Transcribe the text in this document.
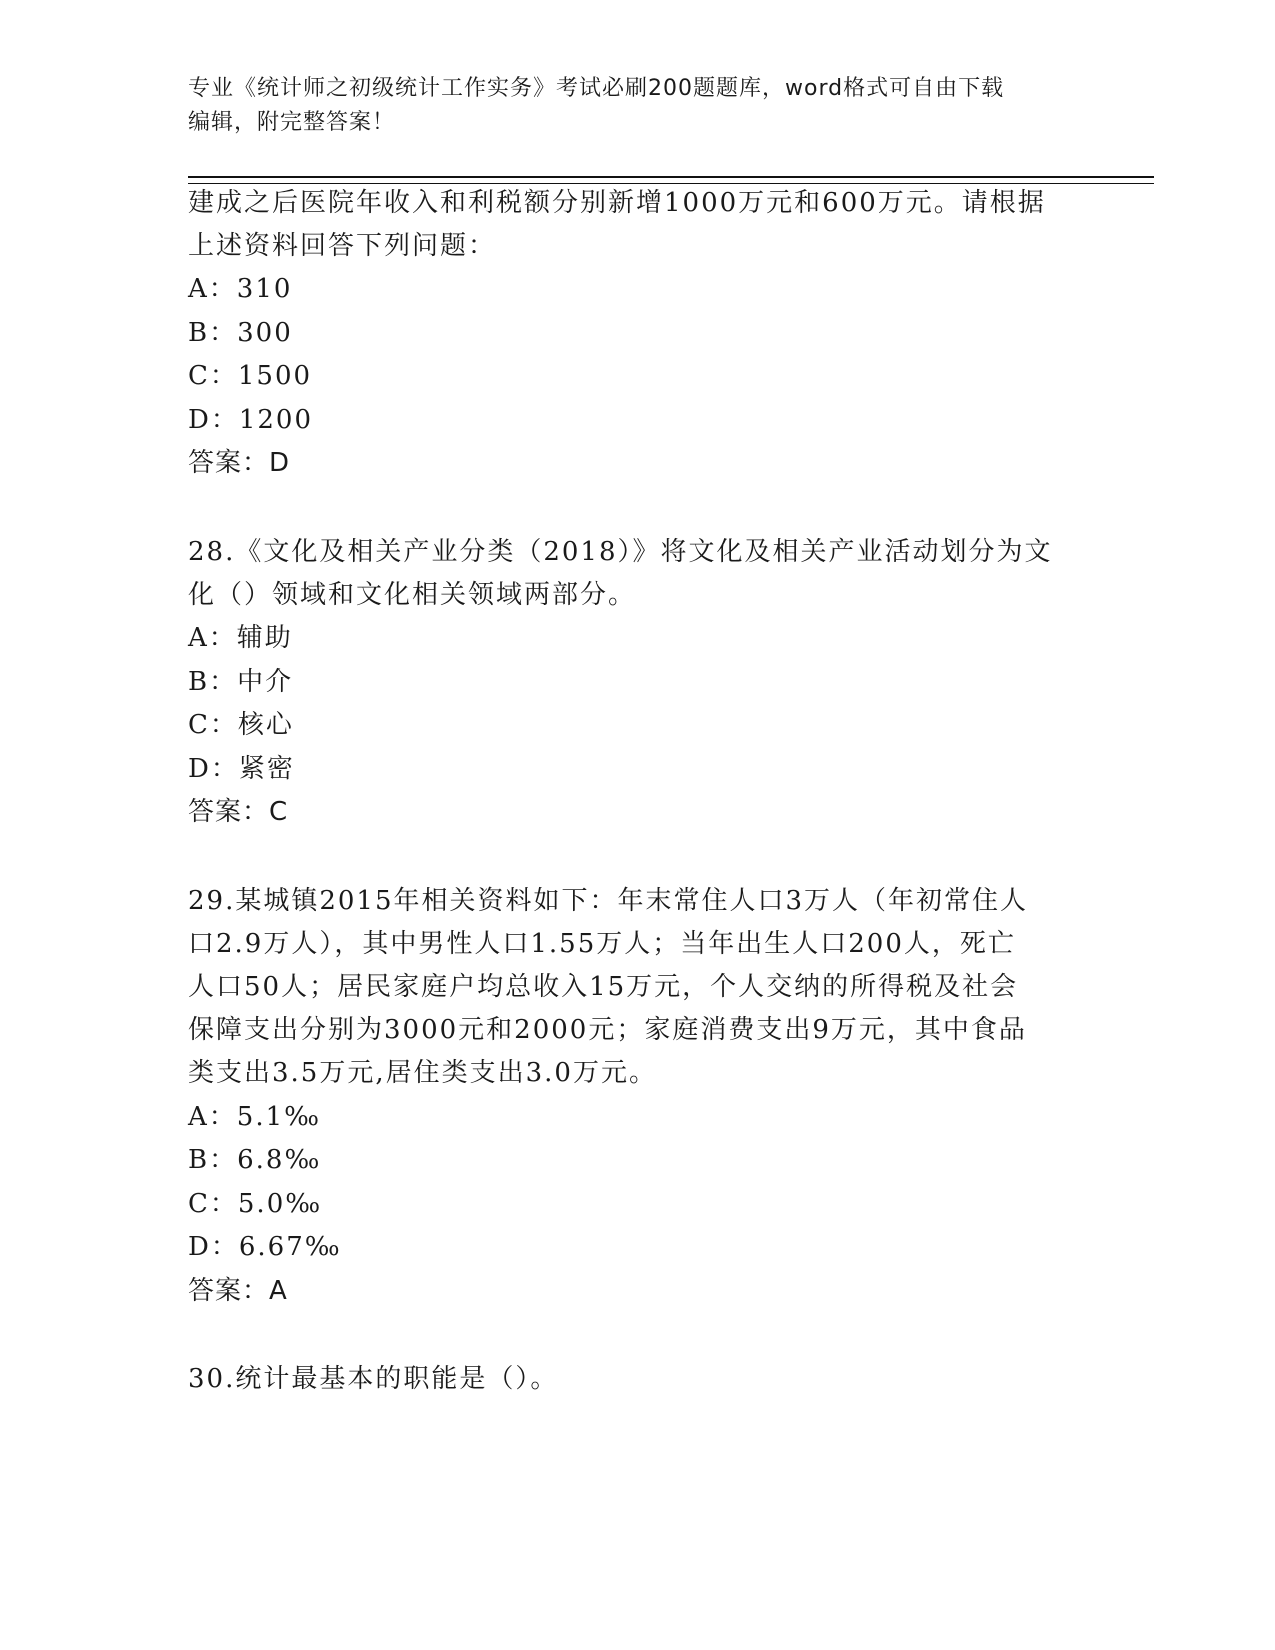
专业《统计师之初级统计工作实务》考试必刷200题题库，word格式可自由下载
编辑，附完整答案！
建成之后医院年收入和利税额分别新增1000万元和600万元。请根据
上述资料回答下列问题：
A：310
B：300
C：1500
D：1200
答案：D
28.《文化及相关产业分类（2018）》将文化及相关产业活动划分为文
化（）领域和文化相关领域两部分。
A：辅助
B：中介
C：核心
D：紧密
答案：C
29.某城镇2015年相关资料如下：年末常住人口3万人（年初常住人
口2.9万人），其中男性人口1.55万人；当年出生人口200人，死亡
人口50人；居民家庭户均总收入15万元，个人交纳的所得税及社会
保障支出分别为3000元和2000元；家庭消费支出9万元，其中食品
类支出3.5万元,居住类支出3.0万元。
A：5.1‰
B：6.8‰
C：5.0‰
D：6.67‰
答案：A
30.统计最基本的职能是（）。
